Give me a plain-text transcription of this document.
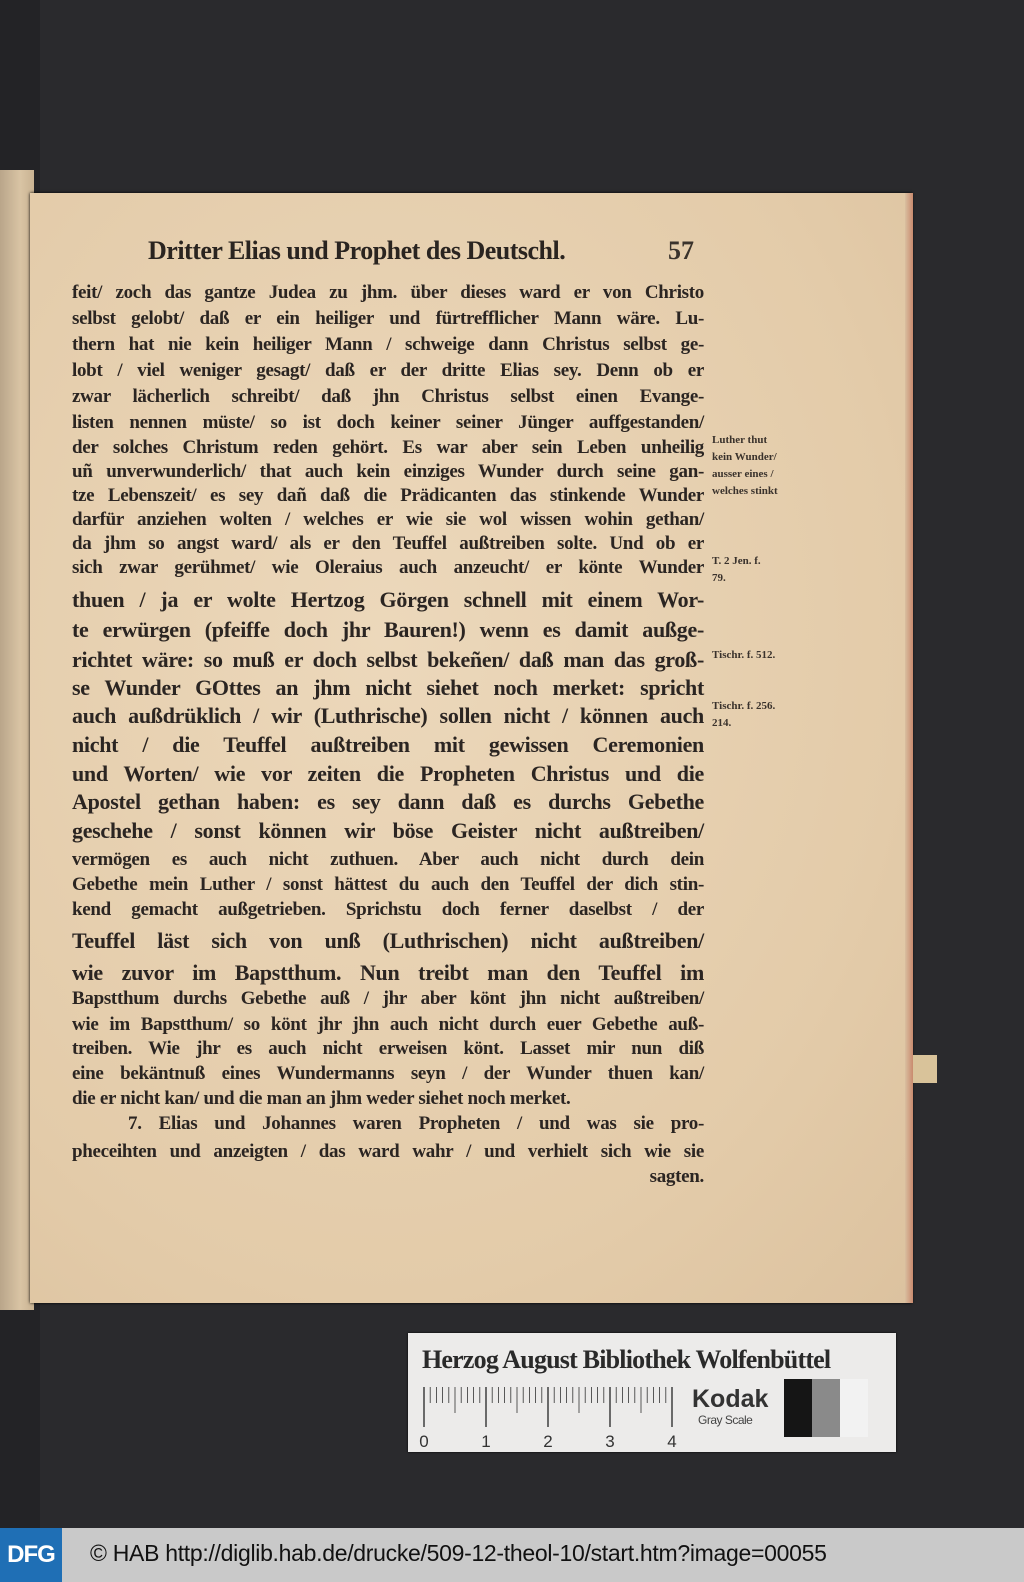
Dritter Elias und Prophet des Deutschl.	57
feit/ zoch das gantze Judea zu jhm. über dieses ward er von Christo
selbst gelobt/ daß er ein heiliger und fürtrefflicher Mann wäre. Lu-
thern hat nie kein heiliger Mann / schweige dann Christus selbst ge-
lobt / viel weniger gesagt/ daß er der dritte Elias sey. Denn ob er
zwar lächerlich schreibt/ daß jhn Christus selbst einen Evange-
listen nennen müste/ so ist doch keiner seiner Jünger auffgestanden/
der solches Christum reden gehört. Es war aber sein Leben unheilig
uñ unverwunderlich/ that auch kein einziges Wunder durch seine gan-
tze Lebenszeit/ es sey dañ daß die Prädicanten das stinkende Wunder
darfür anziehen wolten / welches er wie sie wol wissen wohin gethan/
da jhm so angst ward/ als er den Teuffel außtreiben solte. Und ob er
sich zwar gerühmet/ wie Oleraius auch anzeucht/ er könte Wunder
thuen / ja er wolte Hertzog Görgen schnell mit einem Wor-
te erwürgen (pfeiffe doch jhr Bauren!) wenn es damit außge-
richtet wäre: so muß er doch selbst bekeñen/ daß man das groß-
se Wunder GOttes an jhm nicht siehet noch merket: spricht
auch außdrüklich / wir (Luthrische) sollen nicht / können auch
nicht / die Teuffel außtreiben mit gewissen Ceremonien
und Worten/ wie vor zeiten die Propheten Christus und die
Apostel gethan haben: es sey dann daß es durchs Gebethe
geschehe / sonst können wir böse Geister nicht außtreiben/
vermögen es auch nicht zuthuen. Aber auch nicht durch dein
Gebethe mein Luther / sonst hättest du auch den Teuffel der dich stin-
kend gemacht außgetrieben. Sprichstu doch ferner daselbst / der
Teuffel läst sich von unß (Luthrischen) nicht außtreiben/
wie zuvor im Bapstthum. Nun treibt man den Teuffel im
Bapstthum durchs Gebethe auß / jhr aber könt jhn nicht außtreiben/
wie im Bapstthum/ so könt jhr jhn auch nicht durch euer Gebethe auß-
treiben. Wie jhr es auch nicht erweisen könt. Lasset mir nun diß
eine bekäntnuß eines Wundermanns seyn / der Wunder thuen kan/
die er nicht kan/ und die man an jhm weder siehet noch merket.
7. Elias und Johannes waren Propheten / und was sie pro-
pheceihten und anzeigten / das ward wahr / und verhielt sich wie sie
sagten.
Luther thut
kein Wunder/
ausser eines /
welches stinkt
T. 2 Jen. f.
79.
Tischr. f. 512.
Tischr. f. 256.
214.
Herzog August Bibliothek Wolfenbüttel
0	1	2	3	4
Kodak
Gray Scale
DFG	© HAB http://diglib.hab.de/drucke/509-12-theol-10/start.htm?image=00055
